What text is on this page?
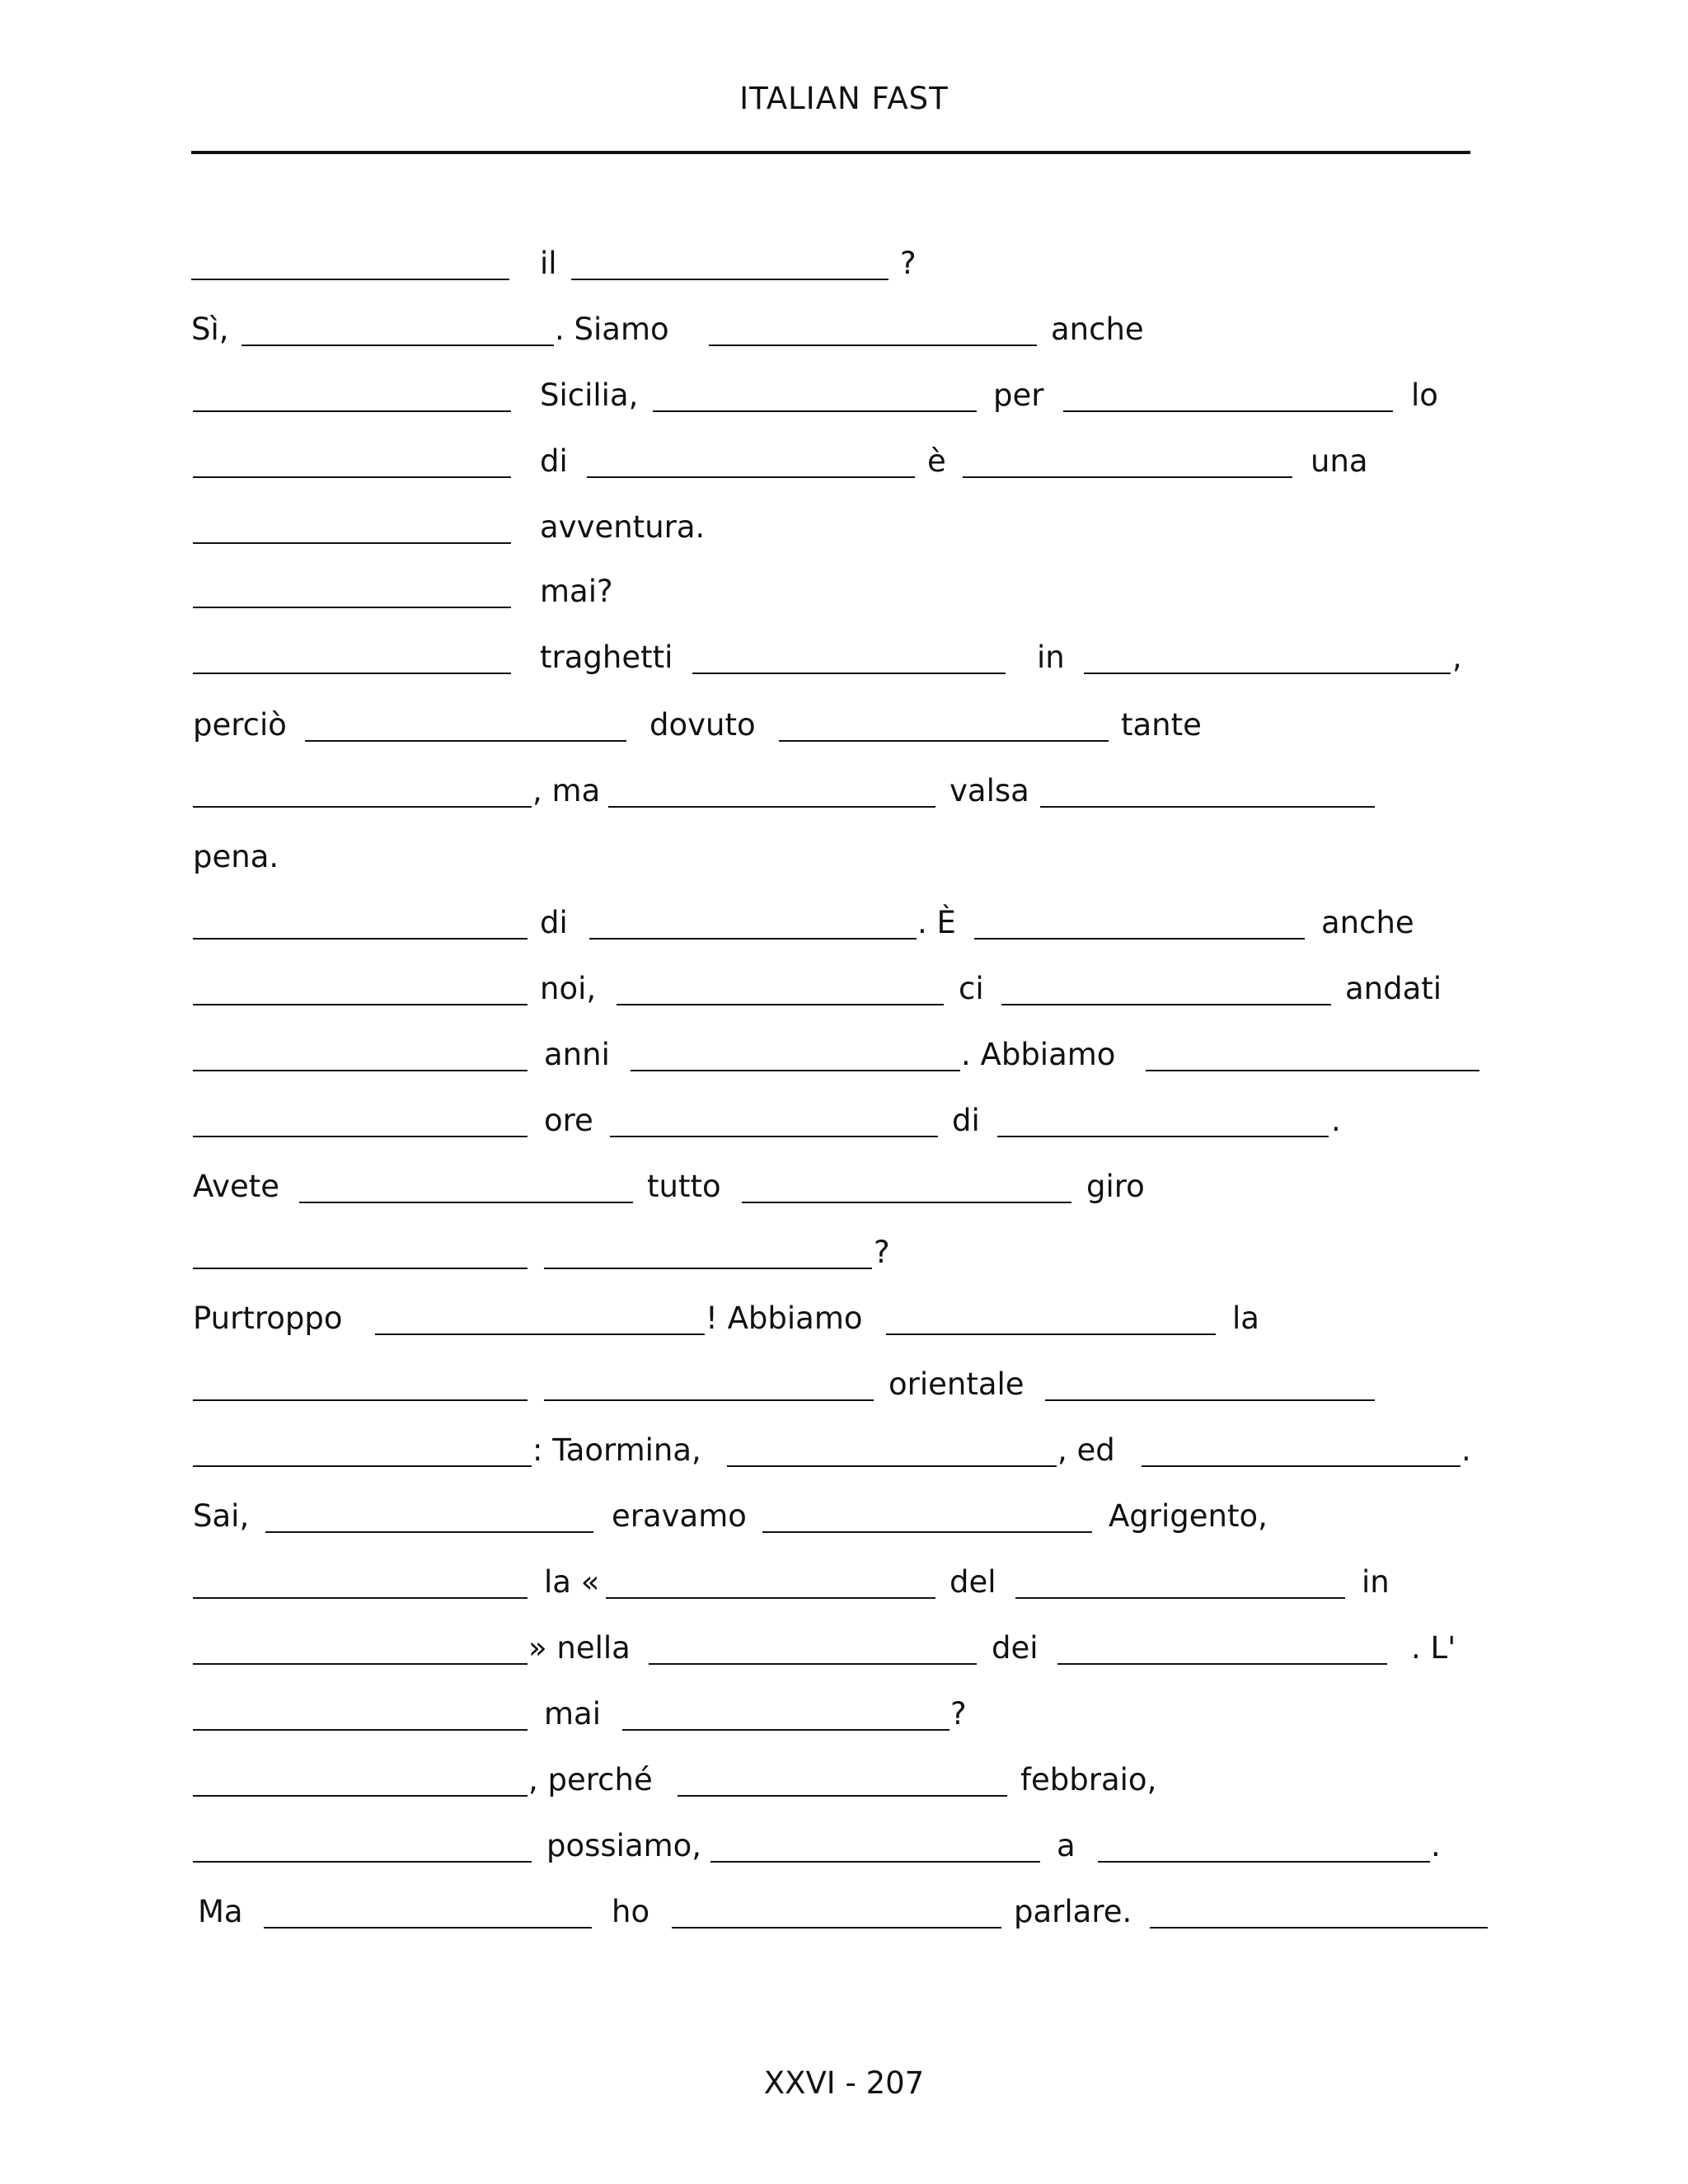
ITALIAN FAST
il	?
Sì,	. Siamo	anche
Sicilia,	per	lo
di	è	una
avventura.
mai?
traghetti	in	,
perciò	dovuto	tante
, ma	valsa
pena.
di	. È	anche
noi,	ci	andati
anni	. Abbiamo
ore	di	.
Avete	tutto	giro
?
Purtroppo	! Abbiamo	la
orientale
: Taormina,	, ed	.
Sai,	eravamo	Agrigento,
la «	del	in
» nella	dei	. L'
mai	?
, perché	febbraio,
possiamo,	a	.
Ma	ho	parlare.
XXVI - 207
